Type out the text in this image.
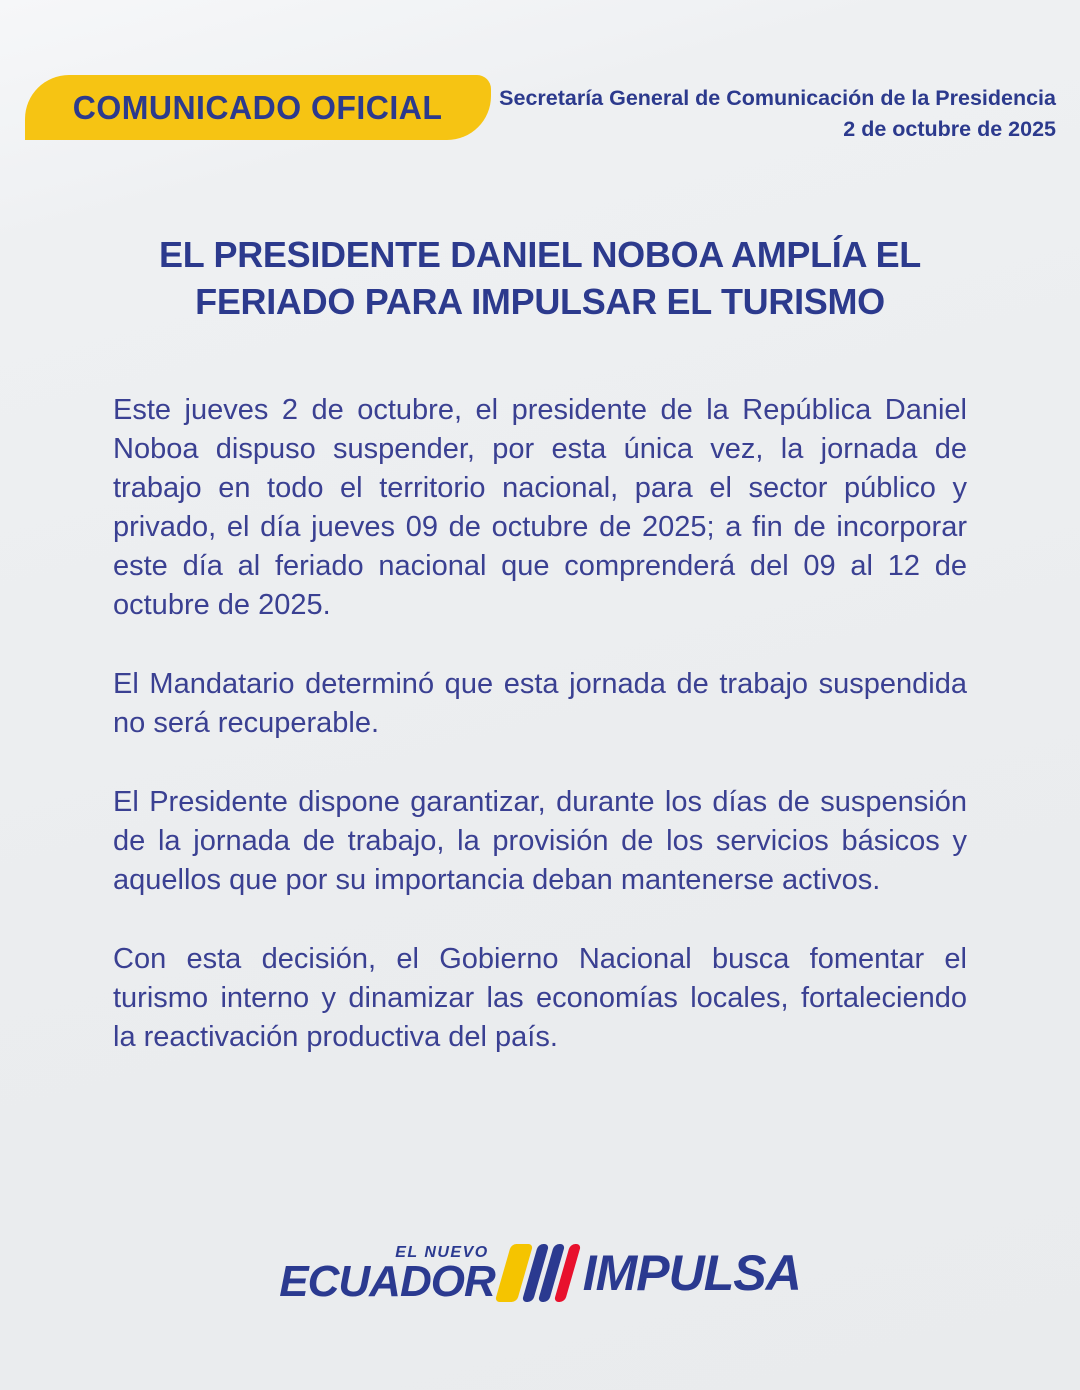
COMUNICADO OFICIAL	Secretaría General de Comunicación de la Presidencia
2 de octubre de 2025
EL PRESIDENTE DANIEL NOBOA AMPLÍA EL
FERIADO PARA IMPULSAR EL TURISMO

Este jueves 2 de octubre, el presidente de la República Daniel Noboa dispuso suspender, por esta única vez, la jornada de trabajo en todo el territorio nacional, para el sector público y privado, el día jueves 09 de octubre de 2025; a fin de incorporar este día al feriado nacional que comprenderá del 09 al 12 de octubre de 2025.

El Mandatario determinó que esta jornada de trabajo suspendida no será recuperable.

El Presidente dispone garantizar, durante los días de suspensión de la jornada de trabajo, la provisión de los servicios básicos y aquellos que por su importancia deban mantenerse activos.

Con esta decisión, el Gobierno Nacional busca fomentar el turismo interno y dinamizar las economías locales, fortaleciendo la reactivación productiva del país.

EL NUEVO
ECUADOR IMPULSA
